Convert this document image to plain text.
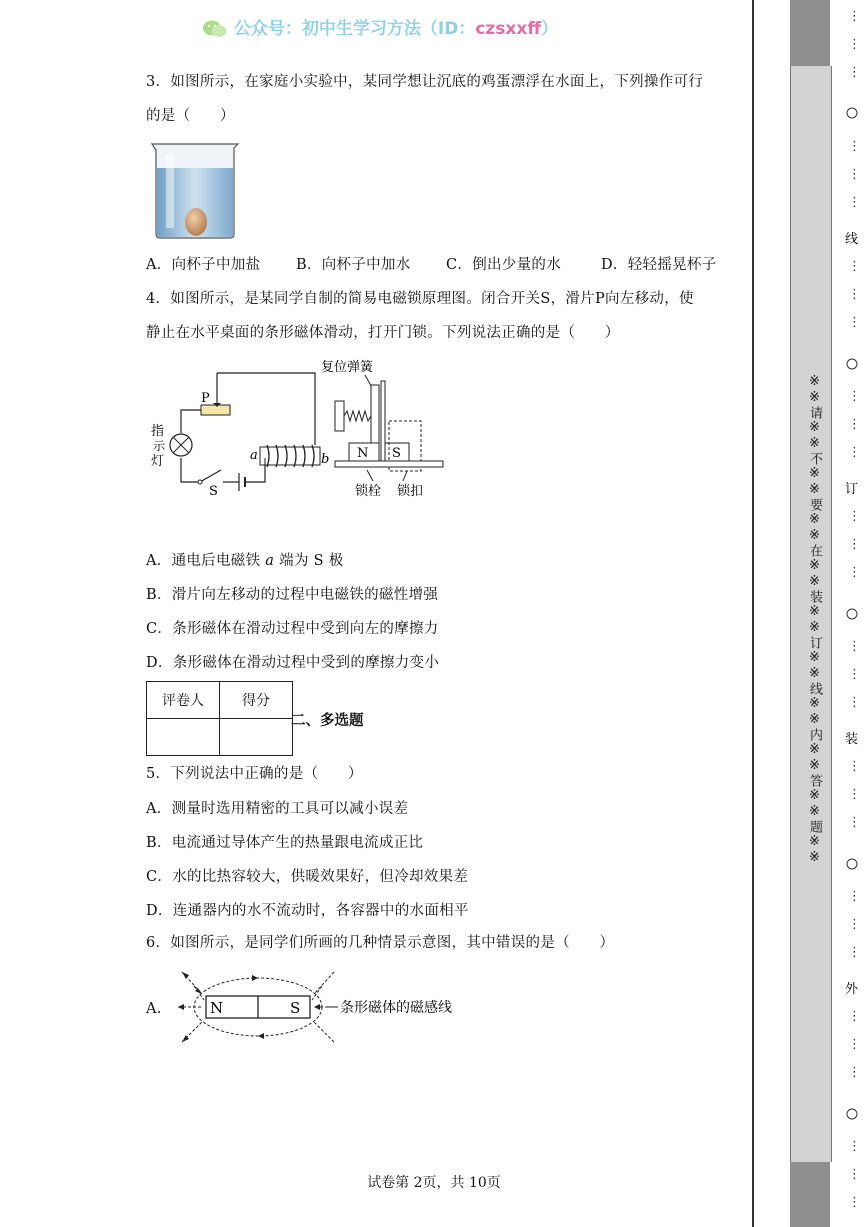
公众号：初中生学习方法（ID：czsxxff）
3．如图所示，在家庭小实验中，某同学想让沉底的鸡蛋漂浮在水面上，下列操作可行
的是（　　）
A．向杯子中加盐 B．向杯子中加水 C．倒出少量的水	D．轻轻摇晃杯子
4．如图所示，是某同学自制的简易电磁锁原理图。闭合开关S，滑片P向左移动，使
静止在水平桌面的条形磁体滑动，打开门锁。下列说法正确的是（　　）
P
指
示
灯
S
a	b
复位弹簧
N S
锁栓 锁扣
A．通电后电磁铁 a 端为 S 极
B．滑片向左移动的过程中电磁铁的磁性增强
C．条形磁体在滑动过程中受到向左的摩擦力
D．条形磁体在滑动过程中受到的摩擦力变小
评卷人	得分

二、多选题
5．下列说法中正确的是（　　）
A．测量时选用精密的工具可以减小误差
B．电流通过导体产生的热量跟电流成正比
C．水的比热容较大，供暖效果好，但冷却效果差
D．连通器内的水不流动时，各容器中的水面相平
6．如图所示，是同学们所画的几种情景示意图，其中错误的是（　　）
A.	N	S	条形磁体的磁感线
试卷第 2页，共 10页
※※请※※不※※要※※在※※装※※订※※线※※内※※答※※题※※
⋮
⋮
⋮
⋮
⋮
⋮
⋮
⋮
⋮
⋮
⋮
⋮
⋮
⋮
⋮
⋮
⋮
⋮
⋮
⋮
⋮
⋮
⋮
⋮
⋮
⋮
⋮
⋮
⋮
⋮
线
订
装
外
